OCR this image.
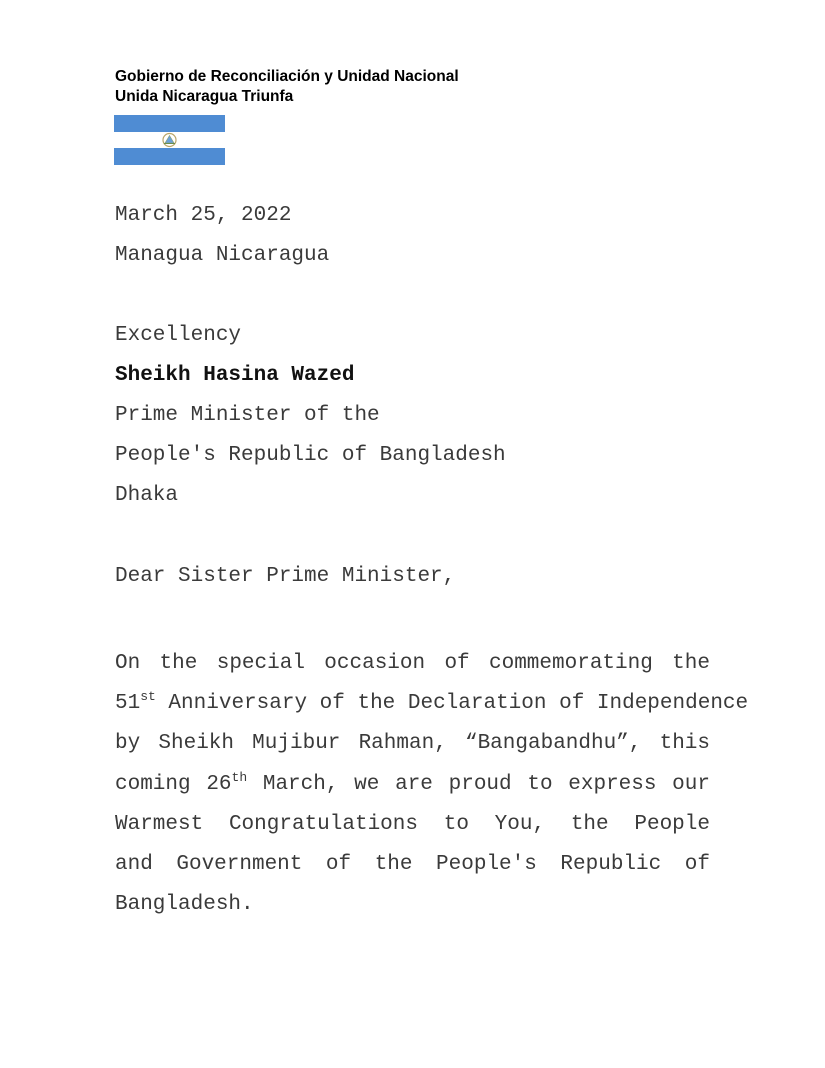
Gobierno de Reconciliación y Unidad Nacional
Unida Nicaragua Triunfa
March 25, 2022
Managua Nicaragua
Excellency
Sheikh Hasina Wazed
Prime Minister of the
People's Republic of Bangladesh
Dhaka
Dear Sister Prime Minister,
On the special occasion of commemorating the
51st Anniversary of the Declaration of Independence
by Sheikh Mujibur Rahman, “Bangabandhu”, this
coming 26th March, we are proud to express our
Warmest Congratulations to You, the People
and Government of the People's Republic of
Bangladesh.
